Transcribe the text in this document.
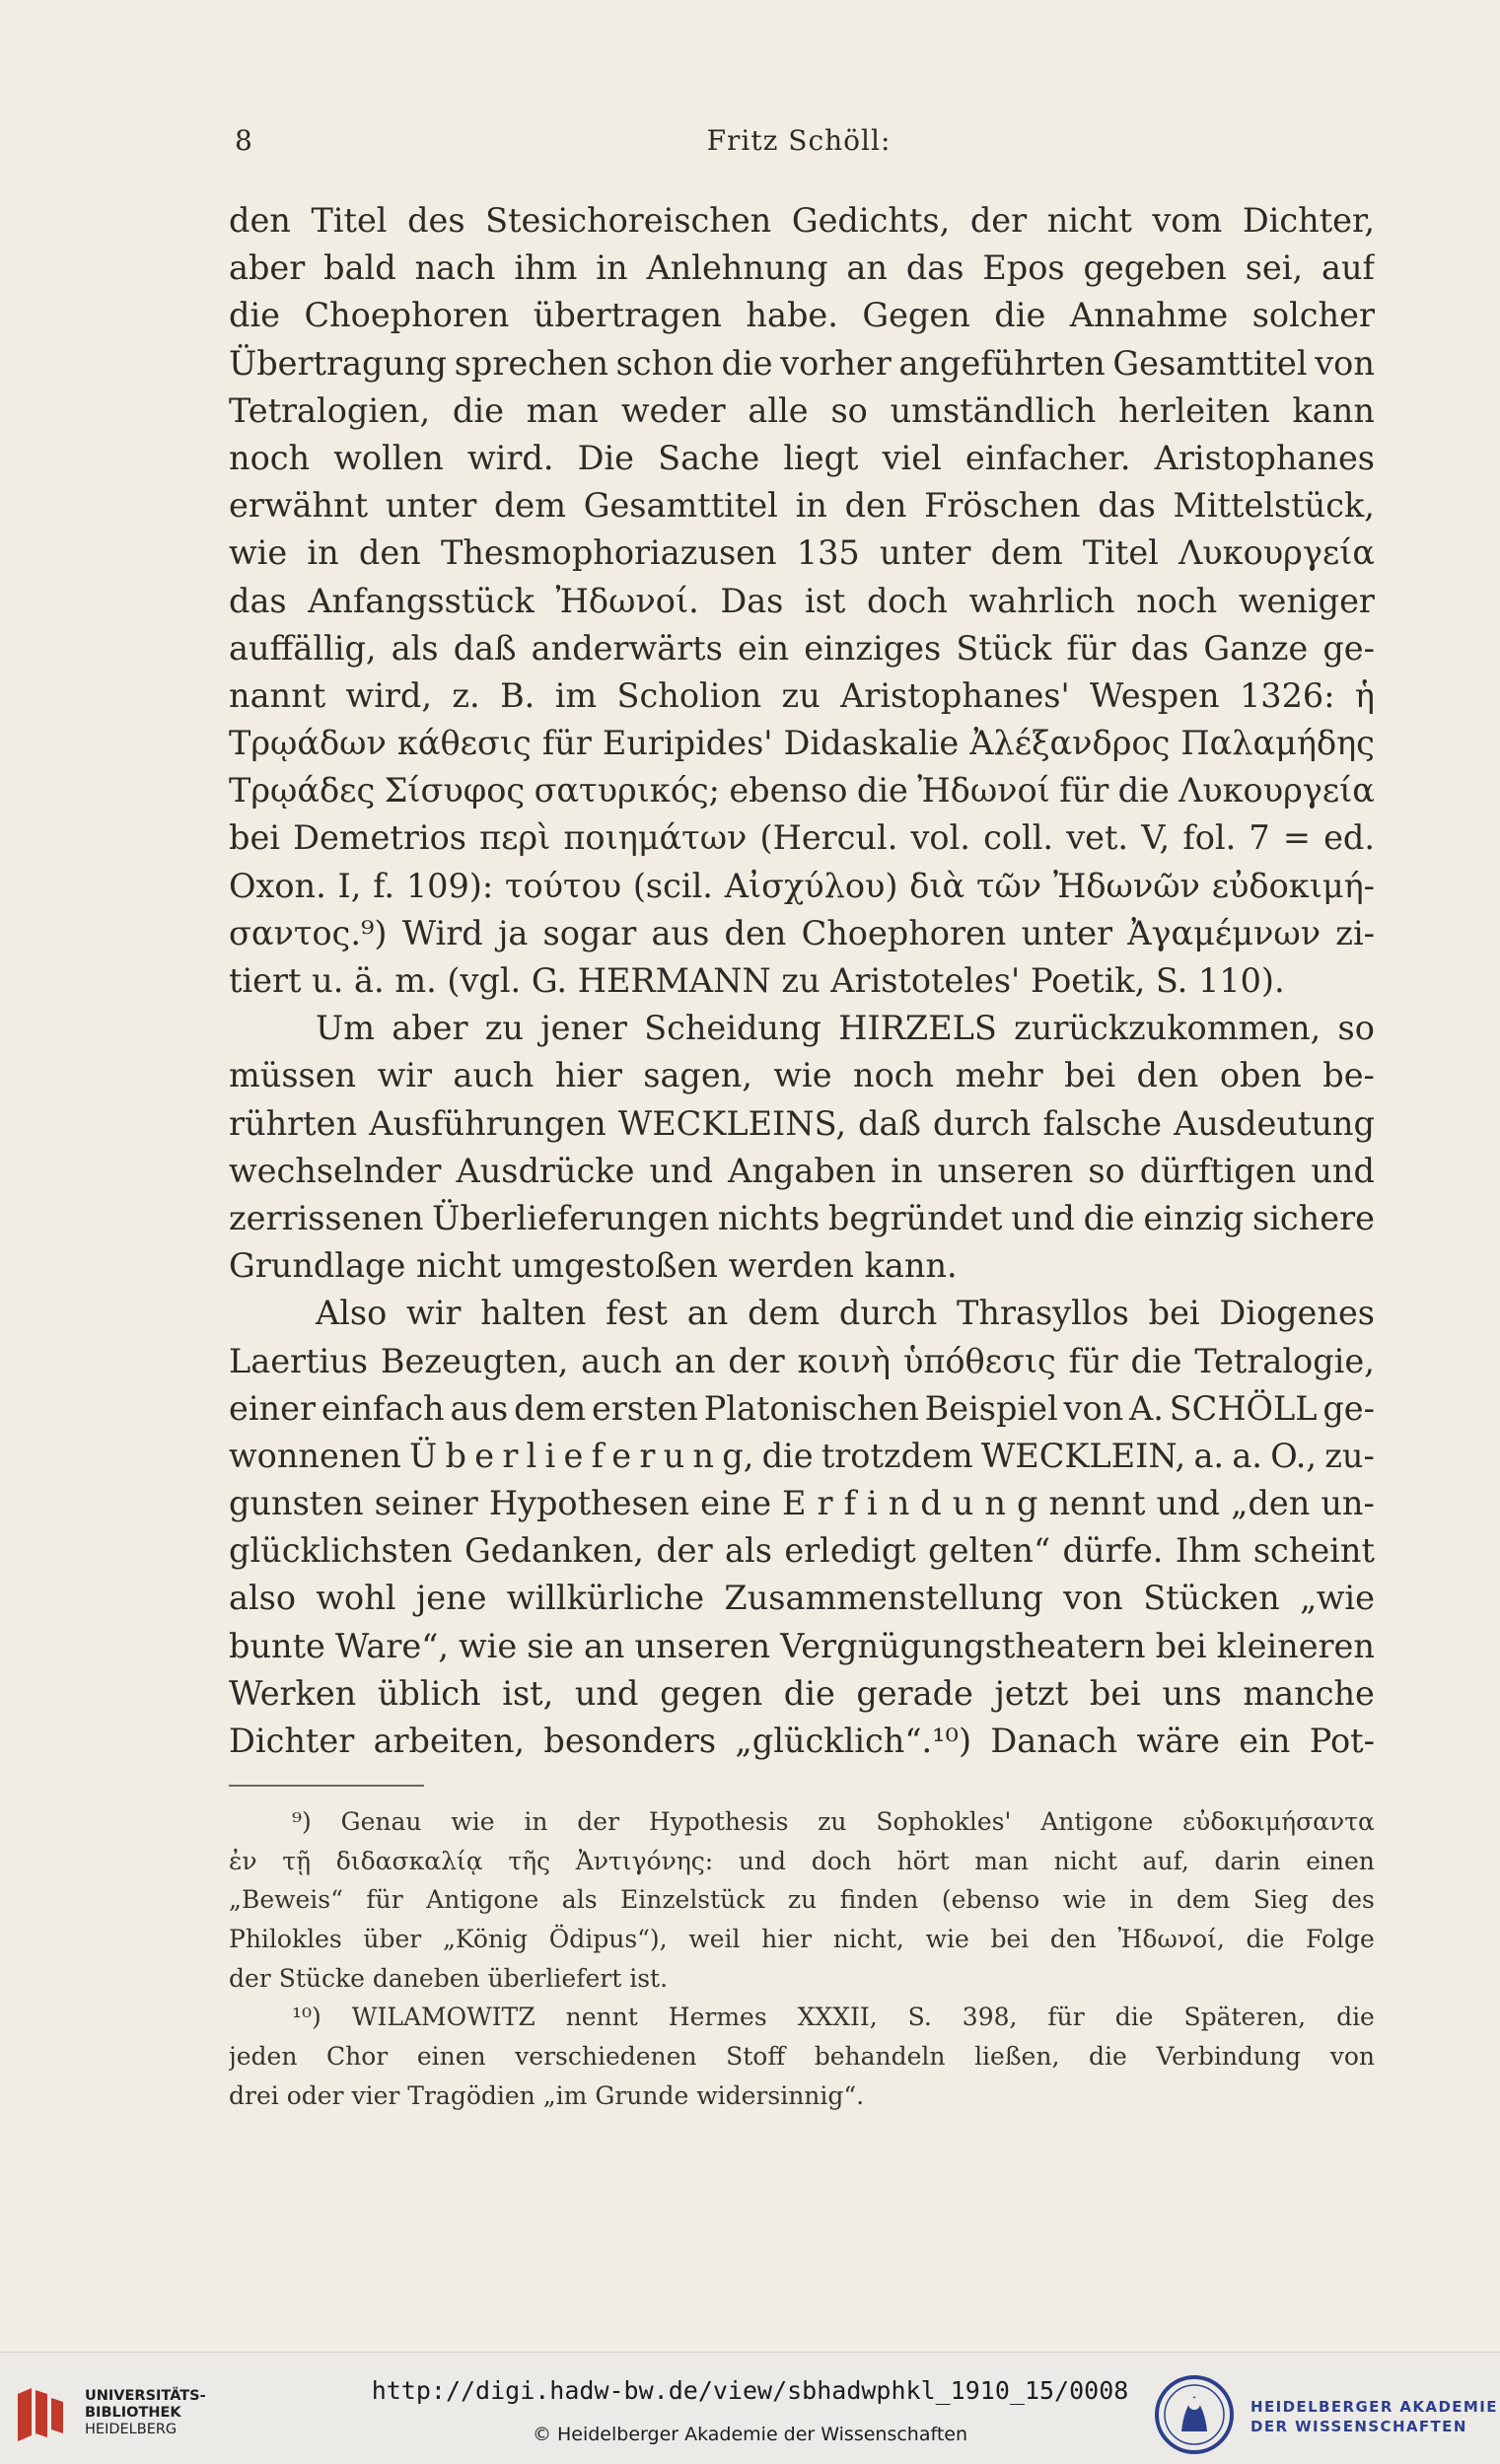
8	Fritz Schöll:
den Titel des Stesichoreischen Gedichts, der nicht vom Dichter,
aber bald nach ihm in Anlehnung an das Epos gegeben sei, auf
die Choephoren übertragen habe. Gegen die Annahme solcher
Übertragung sprechen schon die vorher angeführten Gesamttitel von
Tetralogien, die man weder alle so umständlich herleiten kann
noch wollen wird. Die Sache liegt viel einfacher. Aristophanes
erwähnt unter dem Gesamttitel in den Fröschen das Mittelstück,
wie in den Thesmophoriazusen 135 unter dem Titel Λυκουργεία
das Anfangsstück Ἠδωνοί. Das ist doch wahrlich noch weniger
auffällig, als daß anderwärts ein einziges Stück für das Ganze ge-
nannt wird, z. B. im Scholion zu Aristophanes' Wespen 1326: ἡ
Τρῳάδων κάθεσις für Euripides' Didaskalie Ἀλέξανδρος Παλαμήδης
Τρῳάδες Σίσυφος σατυρικός; ebenso die Ἠδωνοί für die Λυκουργεία
bei Demetrios περὶ ποιημάτων (Hercul. vol. coll. vet. V, fol. 7 = ed.
Oxon. I, f. 109): τούτου (scil. Αἰσχύλου) διὰ τῶν Ἠδωνῶν εὐδοκιμή-
σαντος.⁹) Wird ja sogar aus den Choephoren unter Ἀγαμέμνων zi-
tiert
u.
ä.
m.
(vgl.
G.
HERMANN
zu
Aristoteles'
Poetik,
S.
110).
Um aber zu jener Scheidung HIRZELS zurückzukommen, so
müssen wir auch hier sagen, wie noch mehr bei den oben be-
rührten Ausführungen WECKLEINS, daß durch falsche Ausdeutung
wechselnder Ausdrücke und Angaben in unseren so dürftigen und
zerrissenen Überlieferungen nichts begründet und die einzig sichere
Grundlage
nicht
umgestoßen
werden
kann.
Also wir halten fest an dem durch Thrasyllos bei Diogenes
Laertius Bezeugten, auch an der κοινὴ ὑπόθεσις für die Tetralogie,
einer einfach aus dem ersten Platonischen Beispiel von A. SCHÖLL ge-
wonnenen Ü b e r l i e f e r u n g, die trotzdem WECKLEIN, a. a. O., zu-
gunsten seiner Hypothesen eine E r f i n d u n g nennt und „den un-
glücklichsten Gedanken, der als erledigt gelten“ dürfe. Ihm scheint
also wohl jene willkürliche Zusammenstellung von Stücken „wie
bunte Ware“, wie sie an unseren Vergnügungstheatern bei kleineren
Werken üblich ist, und gegen die gerade jetzt bei uns manche
Dichter arbeiten, besonders „glücklich“.¹⁰) Danach wäre ein Pot-
⁹) Genau wie in der Hypothesis zu Sophokles' Antigone εὐδοκιμήσαντα
ἐν τῇ διδασκαλίᾳ τῆς Ἀντιγόνης: und doch hört man nicht auf, darin einen
„Beweis“ für Antigone als Einzelstück zu finden (ebenso wie in dem Sieg des
Philokles über „König Ödipus“), weil hier nicht, wie bei den Ἠδωνοί, die Folge
der
Stücke
daneben
überliefert
ist.
¹⁰) WILAMOWITZ nennt Hermes XXXII, S. 398, für die Späteren, die
jeden Chor einen verschiedenen Stoff behandeln ließen, die Verbindung von
drei
oder
vier
Tragödien
„im
Grunde
widersinnig“.
UNIVERSITÄTS-
BIBLIOTHEK
HEIDELBERG
http://digi.hadw-bw.de/view/sbhadwphkl_1910_15/0008
© Heidelberger Akademie der Wissenschaften
HEIDELBERGER AKADEMIE
DER WISSENSCHAFTEN
